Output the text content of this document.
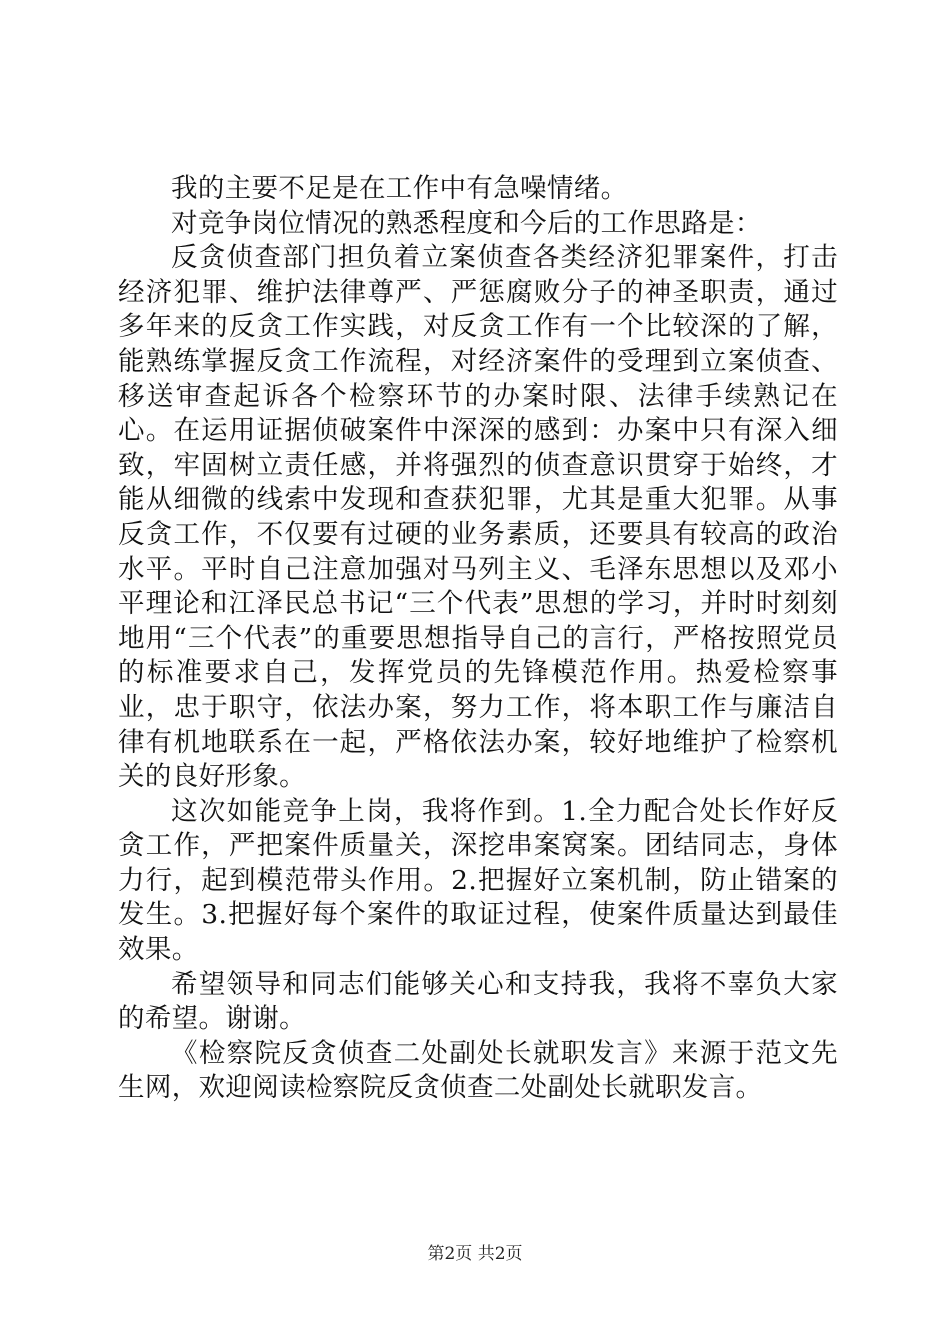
我的主要不足是在工作中有急噪情绪。

对竞争岗位情况的熟悉程度和今后的工作思路是：

反贪侦查部门担负着立案侦查各类经济犯罪案件，打击经济犯罪、维护法律尊严、严惩腐败分子的神圣职责，通过多年来的反贪工作实践，对反贪工作有一个比较深的了解，能熟练掌握反贪工作流程，对经济案件的受理到立案侦查、移送审查起诉各个检察环节的办案时限、法律手续熟记在心。在运用证据侦破案件中深深的感到：办案中只有深入细致，牢固树立责任感，并将强烈的侦查意识贯穿于始终，才能从细微的线索中发现和查获犯罪，尤其是重大犯罪。从事反贪工作，不仅要有过硬的业务素质，还要具有较高的政治水平。平时自己注意加强对马列主义、毛泽东思想以及邓小平理论和江泽民总书记“三个代表”思想的学习，并时时刻刻地用“三个代表”的重要思想指导自己的言行，严格按照党员的标准要求自己，发挥党员的先锋模范作用。热爱检察事业，忠于职守，依法办案，努力工作，将本职工作与廉洁自律有机地联系在一起，严格依法办案，较好地维护了检察机关的良好形象。

这次如能竞争上岗，我将作到。1.全力配合处长作好反贪工作，严把案件质量关，深挖串案窝案。团结同志，身体力行，起到模范带头作用。2.把握好立案机制，防止错案的发生。3.把握好每个案件的取证过程，使案件质量达到最佳效果。

希望领导和同志们能够关心和支持我，我将不辜负大家的希望。谢谢。

《检察院反贪侦查二处副处长就职发言》来源于范文先生网，欢迎阅读检察院反贪侦查二处副处长就职发言。

第2页 共2页
